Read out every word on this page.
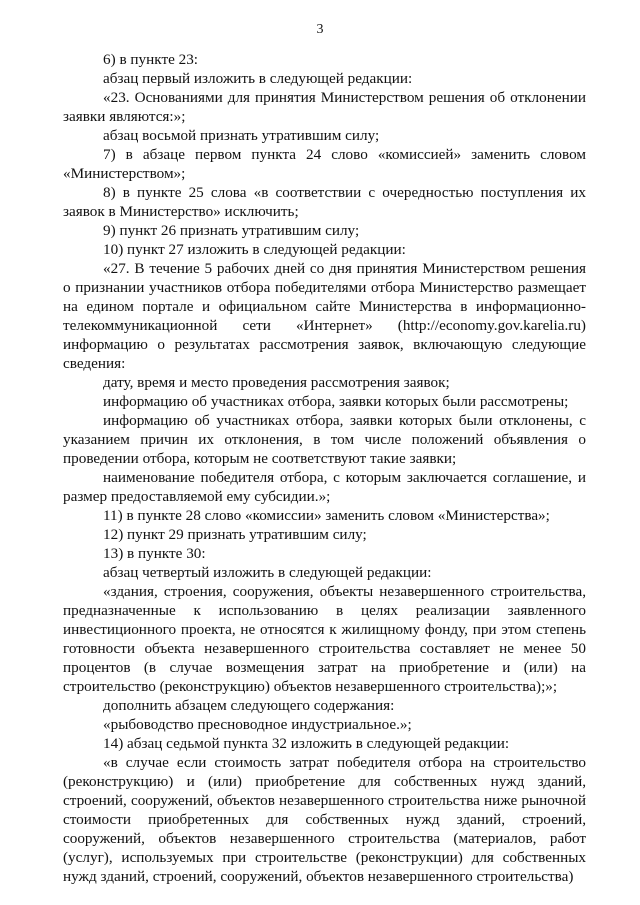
3

6) в пункте 23:

абзац первый изложить в следующей редакции:

«23. Основаниями для принятия Министерством решения об отклонении заявки являются:»;

абзац восьмой признать утратившим силу;

7) в абзаце первом пункта 24 слово «комиссией» заменить словом «Министерством»;

8) в пункте 25 слова «в соответствии с очередностью поступления их заявок в Министерство» исключить;

9) пункт 26 признать утратившим силу;

10) пункт 27 изложить в следующей редакции:

«27. В течение 5 рабочих дней со дня принятия Министерством решения о признании участников отбора победителями отбора Министерство размещает на едином портале и официальном сайте Министерства в информационно-телекоммуникационной сети «Интернет» (http://economy.gov.karelia.ru) информацию о результатах рассмотрения заявок, включающую следующие сведения:

дату, время и место проведения рассмотрения заявок;

информацию об участниках отбора, заявки которых были рассмотрены;

информацию об участниках отбора, заявки которых были отклонены, с указанием причин их отклонения, в том числе положений объявления о проведении отбора, которым не соответствуют такие заявки;

наименование победителя отбора, с которым заключается соглашение, и размер предоставляемой ему субсидии.»;

11) в пункте 28 слово «комиссии» заменить словом «Министерства»;

12) пункт 29 признать утратившим силу;

13) в пункте 30:

абзац четвертый изложить в следующей редакции:

«здания, строения, сооружения, объекты незавершенного строительства, предназначенные к использованию в целях реализации заявленного инвестиционного проекта, не относятся к жилищному фонду, при этом степень готовности объекта незавершенного строительства составляет не менее 50 процентов (в случае возмещения затрат на приобретение и (или) на строительство (реконструкцию) объектов незавершенного строительства);»;

дополнить абзацем следующего содержания:

«рыбоводство пресноводное индустриальное.»;

14) абзац седьмой пункта 32 изложить в следующей редакции:

«в случае если стоимость затрат победителя отбора на строительство (реконструкцию) и (или) приобретение для собственных нужд зданий, строений, сооружений, объектов незавершенного строительства ниже рыночной стоимости приобретенных для собственных нужд зданий, строений, сооружений, объектов незавершенного строительства (материалов, работ (услуг), используемых при строительстве (реконструкции) для собственных нужд зданий, строений, сооружений, объектов незавершенного строительства)
